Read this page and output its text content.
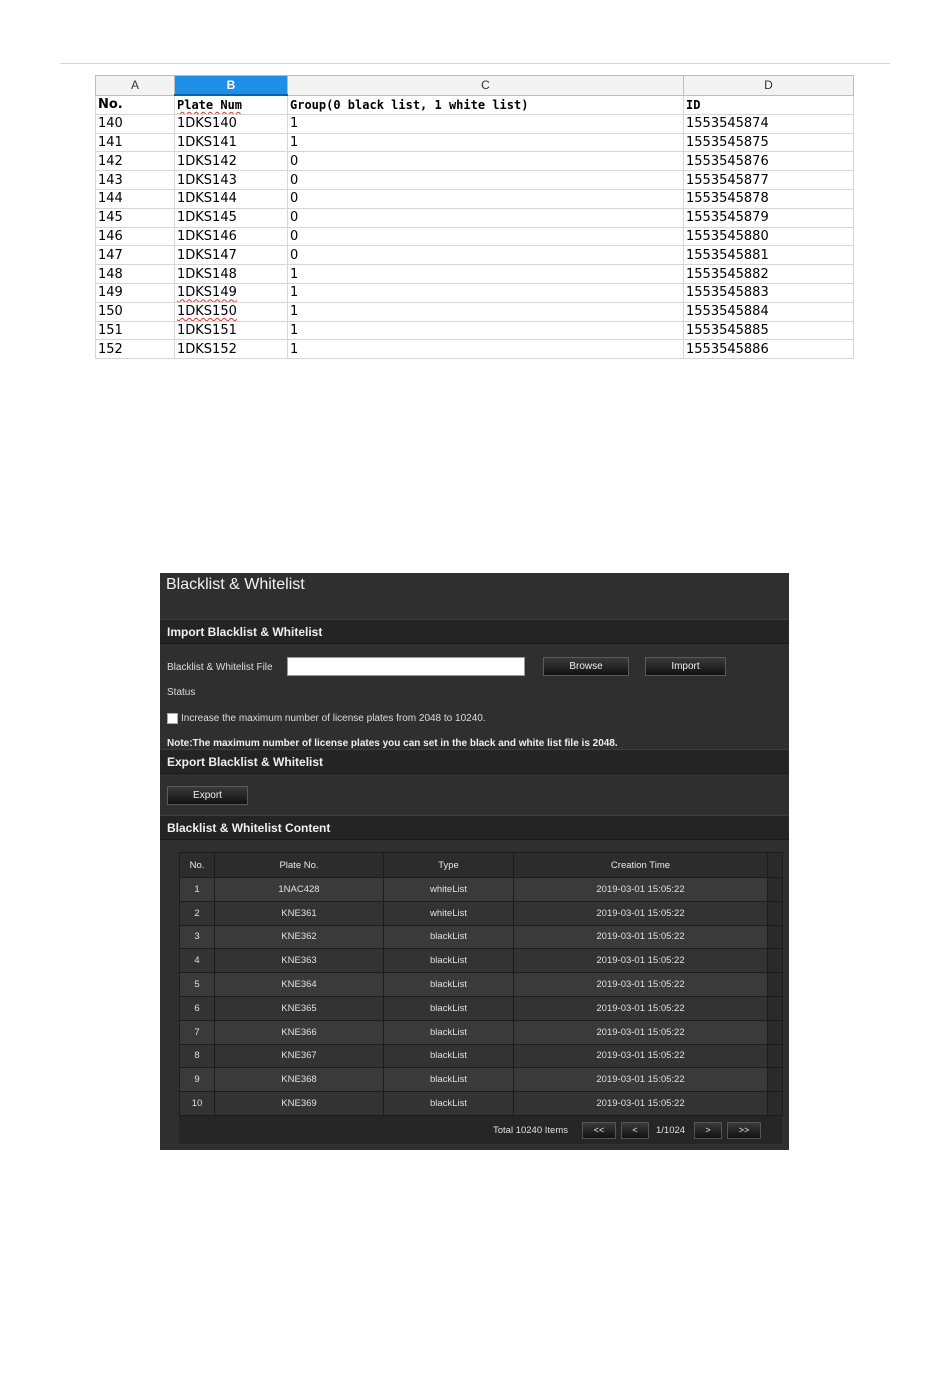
A	B	C	D
No.	Plate Num	Group(0 black list, 1 white list)	ID
140	1DKS140	1	1553545874
141	1DKS141	1	1553545875
142	1DKS142	0	1553545876
143	1DKS143	0	1553545877
144	1DKS144	0	1553545878
145	1DKS145	0	1553545879
146	1DKS146	0	1553545880
147	1DKS147	0	1553545881
148	1DKS148	1	1553545882
149	1DKS149	1	1553545883
150	1DKS150	1	1553545884
151	1DKS151	1	1553545885
152	1DKS152	1	1553545886
Blacklist & Whitelist
Import Blacklist & Whitelist
Blacklist & Whitelist File	Browse	Import
Status
Increase the maximum number of license plates from 2048 to 10240.
Note:The maximum number of license plates you can set in the black and white list file is 2048.
Export Blacklist & Whitelist
Export
Blacklist & Whitelist Content
No.	Plate No.	Type	Creation Time	
1	1NAC428	whiteList	2019-03-01 15:05:22	
2	KNE361	whiteList	2019-03-01 15:05:22	
3	KNE362	blackList	2019-03-01 15:05:22	
4	KNE363	blackList	2019-03-01 15:05:22	
5	KNE364	blackList	2019-03-01 15:05:22	
6	KNE365	blackList	2019-03-01 15:05:22	
7	KNE366	blackList	2019-03-01 15:05:22	
8	KNE367	blackList	2019-03-01 15:05:22	
9	KNE368	blackList	2019-03-01 15:05:22	
10	KNE369	blackList	2019-03-01 15:05:22	
Total 10240 Items	<<	<	1/1024	>	>>
